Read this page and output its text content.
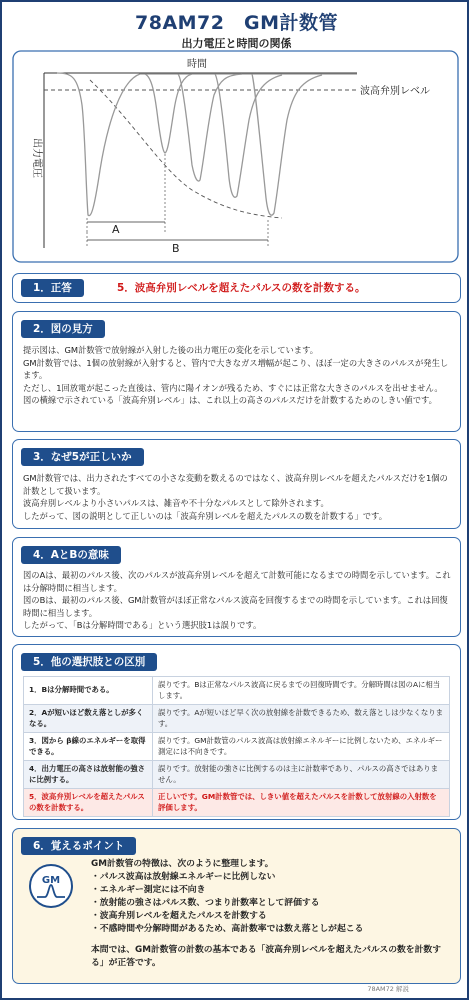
78AM72　GM計数管
出力電圧と時間の関係
時間
出力電圧
波高弁別レベル
A
B
1．正答	5．波高弁別レベルを超えたパルスの数を計数する。
2．図の見方

提示図は、GM計数管で放射線が入射した後の出力電圧の変化を示しています。

GM計数管では、1個の放射線が入射すると、管内で大きなガス増幅が起こり、ほぼ一定の大きさのパルスが発生します。

ただし、1回放電が起こった直後は、管内に陽イオンが残るため、すぐには正常な大きさのパルスを出せません。

図の横線で示されている「波高弁別レベル」は、これ以上の高さのパルスだけを計数するためのしきい値です。

3．なぜ5が正しいか

GM計数管では、出力されたすべての小さな変動を数えるのではなく、波高弁別レベルを超えたパルスだけを1個の計数として扱います。

波高弁別レベルより小さいパルスは、雑音や不十分なパルスとして除外されます。

したがって、図の説明として正しいのは「波高弁別レベルを超えたパルスの数を計数する」です。

4．AとBの意味

図のAは、最初のパルス後、次のパルスが波高弁別レベルを超えて計数可能になるまでの時間を示しています。これは分解時間に相当します。

図のBは、最初のパルス後、GM計数管がほぼ正常なパルス波高を回復するまでの時間を示しています。これは回復時間に相当します。

したがって、「Bは分解時間である」という選択肢1は誤りです。

5．他の選択肢との区別
1．Bは分解時間である。	誤りです。Bは正常なパルス波高に戻るまでの回復時間です。分解時間は図のAに相当します。
2．Aが短いほど数え落としが多くなる。	誤りです。Aが短いほど早く次の放射線を計数できるため、数え落としは少なくなります。
3．図から β線のエネルギーを取得できる。	誤りです。GM計数管のパルス波高は放射線エネルギーに比例しないため、エネルギー測定には不向きです。
4．出力電圧の高さは放射能の強さに比例する。	誤りです。放射能の強さに比例するのは主に計数率であり、パルスの高さではありません。
5．波高弁別レベルを超えたパルスの数を計数する。	正しいです。GM計数管では、しきい値を超えたパルスを計数して放射線の入射数を評価します。
6．覚えるポイント
GM

GM計数管の特徴は、次のように整理します。

・パルス波高は放射線エネルギーに比例しない

・エネルギー測定には不向き

・放射能の強さはパルス数、つまり計数率として評価する

・波高弁別レベルを超えたパルスを計数する

・不感時間や分解時間があるため、高計数率では数え落としが起こる

本問では、GM計数管の計数の基本である「波高弁別レベルを超えたパルスの数を計数する」が正答です。

78AM72 解説
